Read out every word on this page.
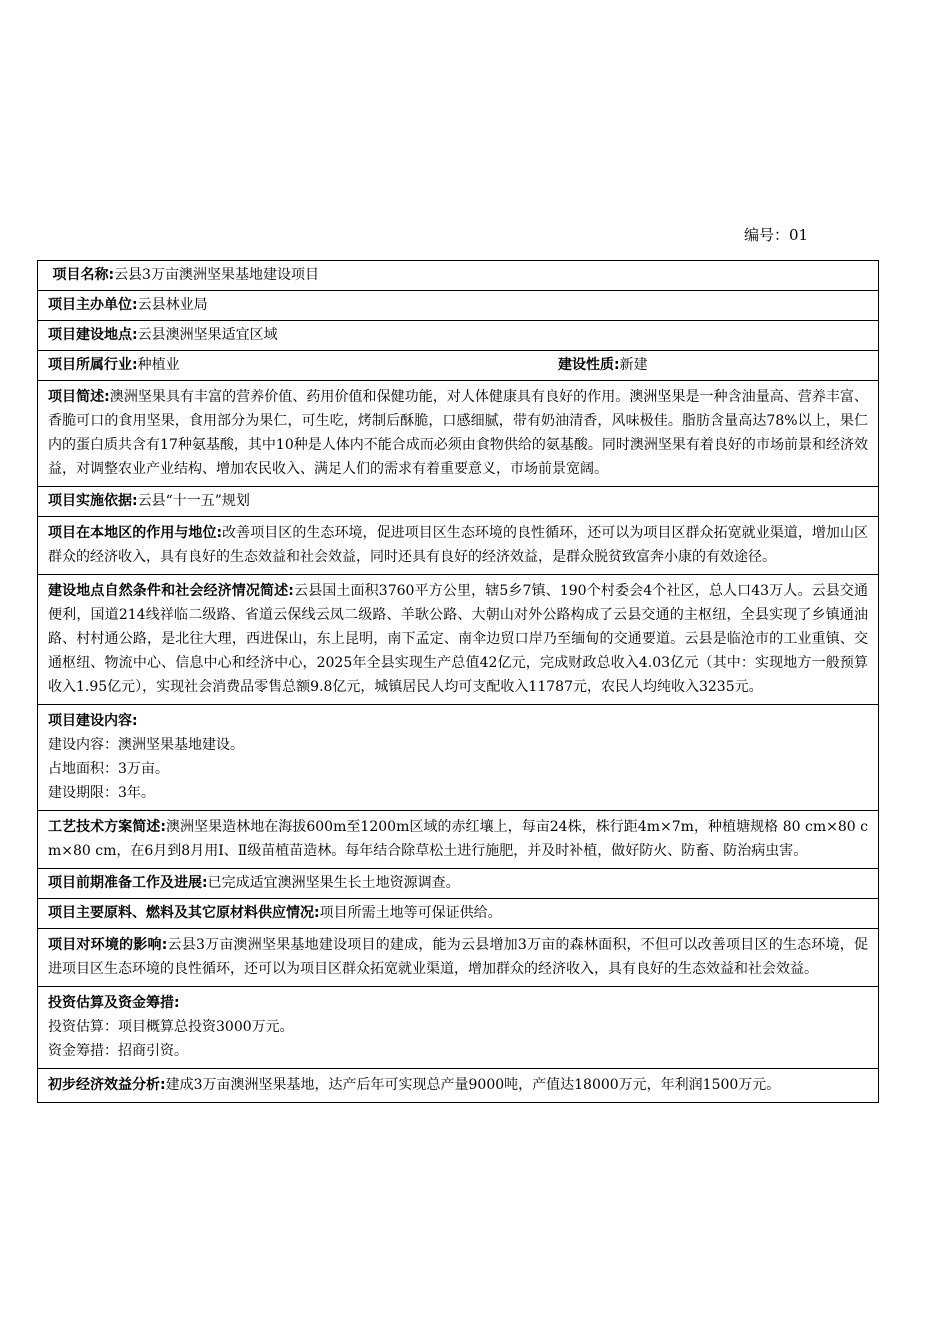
编号：01
项目名称:云县3万亩澳洲坚果基地建设项目
项目主办单位:云县林业局
项目建设地点:云县澳洲坚果适宜区域
项目所属行业:种植业	建设性质:新建

项目简述:澳洲坚果具有丰富的营养价值、药用价值和保健功能，对人体健康具有良好的作用。澳洲坚果是一种含油量高、营养丰富、香脆可口的食用坚果，食用部分为果仁，可生吃，烤制后酥脆，口感细腻，带有奶油清香，风味极佳。脂肪含量高达78%以上，果仁内的蛋白质共含有17种氨基酸，其中10种是人体内不能合成而必须由食物供给的氨基酸。同时澳洲坚果有着良好的市场前景和经济效益，对调整农业产业结构、增加农民收入、满足人们的需求有着重要意义，市场前景宽阔。
项目实施依据:云县“十一五”规划
项目在本地区的作用与地位:改善项目区的生态环境，促进项目区生态环境的良性循环，还可以为项目区群众拓宽就业渠道，增加山区群众的经济收入，具有良好的生态效益和社会效益，同时还具有良好的经济效益，是群众脱贫致富奔小康的有效途径。
建设地点自然条件和社会经济情况简述:云县国土面积3760平方公里，辖5乡7镇、190个村委会4个社区，总人口43万人。云县交通便利，国道214线祥临二级路、省道云保线云凤二级路、羊耿公路、大朝山对外公路构成了云县交通的主枢纽，全县实现了乡镇通油路、村村通公路，是北往大理，西进保山，东上昆明，南下孟定、南伞边贸口岸乃至缅甸的交通要道。云县是临沧市的工业重镇、交通枢纽、物流中心、信息中心和经济中心，2025年全县实现生产总值42亿元，完成财政总收入4.03亿元（其中：实现地方一般预算收入1.95亿元），实现社会消费品零售总额9.8亿元，城镇居民人均可支配收入11787元，农民人均纯收入3235元。

项目建设内容:
建设内容：澳洲坚果基地建设。
占地面积：3万亩。
建设期限：3年。

工艺技术方案简述:澳洲坚果造林地在海拔600m至1200m区域的赤红壤上，每亩24株，株行距4m×7m，种植塘规格 80 cm×80 cm×80 cm，在6月到8月用Ⅰ、Ⅱ级苗植苗造林。每年结合除草松土进行施肥，并及时补植，做好防火、防畜、防治病虫害。
项目前期准备工作及进展:已完成适宜澳洲坚果生长土地资源调查。
项目主要原料、燃料及其它原材料供应情况:项目所需土地等可保证供给。
项目对环境的影响:云县3万亩澳洲坚果基地建设项目的建成，能为云县增加3万亩的森林面积，不但可以改善项目区的生态环境，促进项目区生态环境的良性循环，还可以为项目区群众拓宽就业渠道，增加群众的经济收入，具有良好的生态效益和社会效益。

投资估算及资金筹措:
投资估算：项目概算总投资3000万元。
资金筹措：招商引资。

初步经济效益分析:建成3万亩澳洲坚果基地，达产后年可实现总产量9000吨，产值达18000万元，年利润1500万元。
